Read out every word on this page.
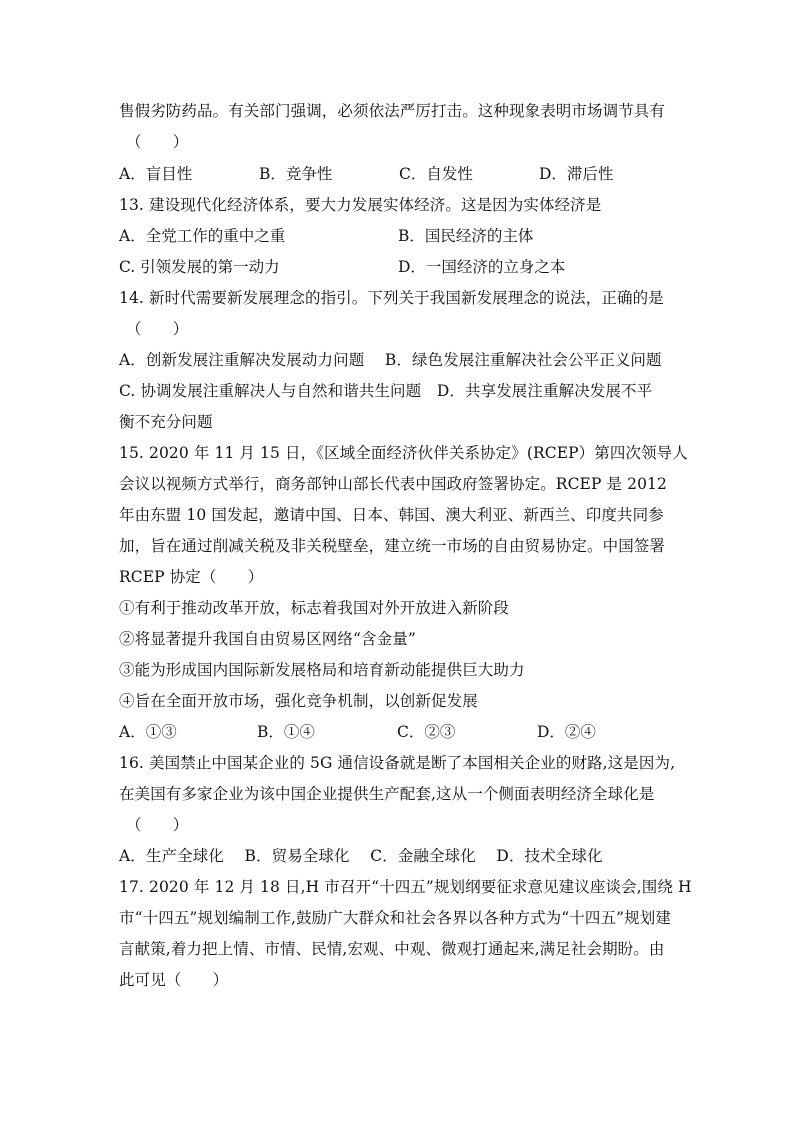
售假劣防药品。有关部门强调，必须依法严厉打击。这种现象表明市场调节具有
（　　）
A．盲目性	B．竞争性	C．自发性	D．滞后性
13. 建设现代化经济体系，要大力发展实体经济。这是因为实体经济是
A．全党工作的重中之重	B．国民经济的主体
C. 引领发展的第一动力	D．一国经济的立身之本
14. 新时代需要新发展理念的指引。下列关于我国新发展理念的说法，正确的是
（　　）
A．创新发展注重解决发展动力问题　 B．绿色发展注重解决社会公平正义问题
C. 协调发展注重解决人与自然和谐共生问题　D．共享发展注重解决发展不平
衡不充分问题
15. 2020 年 11 月 15 日，《区域全面经济伙伴关系协定》(RCEP）第四次领导人
会议以视频方式举行，商务部钟山部长代表中国政府签署协定。RCEP 是 2012
年由东盟 10 国发起，邀请中国、日本、韩国、澳大利亚、新西兰、印度共同参
加，旨在通过削减关税及非关税壁垒，建立统一市场的自由贸易协定。中国签署
RCEP 协定（　　）
①有利于推动改革开放，标志着我国对外开放进入新阶段
②将显著提升我国自由贸易区网络“含金量”
③能为形成国内国际新发展格局和培育新动能提供巨大助力
④旨在全面开放市场，强化竞争机制，以创新促发展
A．①③	B．①④	C．②③	D．②④
16. 美国禁止中国某企业的 5G 通信设备就是断了本国相关企业的财路,这是因为,
在美国有多家企业为该中国企业提供生产配套,这从一个侧面表明经济全球化是
（　　）
A．生产全球化　 B．贸易全球化　 C．金融全球化　 D．技术全球化
17. 2020 年 12 月 18 日,H 市召开“十四五”规划纲要征求意见建议座谈会,围绕 H
市“十四五”规划编制工作,鼓励广大群众和社会各界以各种方式为“十四五”规划建
言献策,着力把上情、市情、民情,宏观、中观、微观打通起来,满足社会期盼。由
此可见（　　）
